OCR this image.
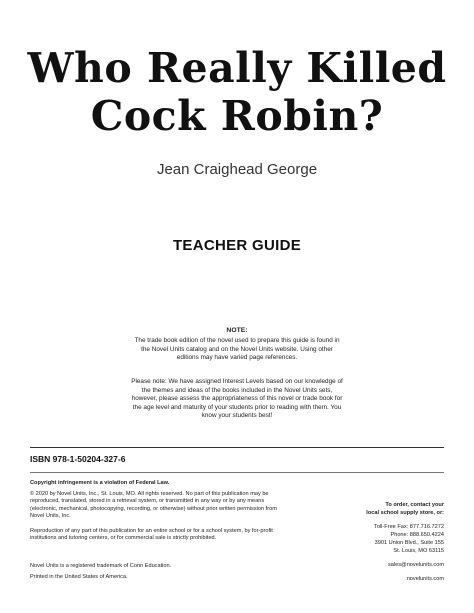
Who Really Killed
Cock Robin?
Jean Craighead George
TEACHER GUIDE
NOTE:
The trade book edition of the novel used to prepare this guide is found in the Novel Units catalog and on the Novel Units website. Using other editions may have varied page references.
Please note: We have assigned Interest Levels based on our knowledge of the themes and ideas of the books included in the Novel Units sets, however, please assess the appropriateness of this novel or trade book for the age level and maturity of your students prior to reading with them. You know your students best!
ISBN 978-1-50204-327-6
Copyright infringement is a violation of Federal Law.
© 2020 by Novel Units, Inc., St. Louis, MO. All rights reserved. No part of this publication may be reproduced, translated, stored in a retrieval system, or transmitted in any way or by any means (electronic, mechanical, photocopying, recording, or otherwise) without prior written permission from Novel Units, Inc.
Reproduction of any part of this publication for an entire school or for a school system, by for-profit institutions and tutoring centers, or for commercial sale is strictly prohibited.
Novel Units is a registered trademark of Conn Education.
Printed in the United States of America.
To order, contact your
local school supply store, or:
Toll-Free Fax: 877.716.7272
Phone: 888.650.4224
3901 Union Blvd., Suite 155
St. Louis, MO 63115
sales@novelunits.com
novelunits.com
